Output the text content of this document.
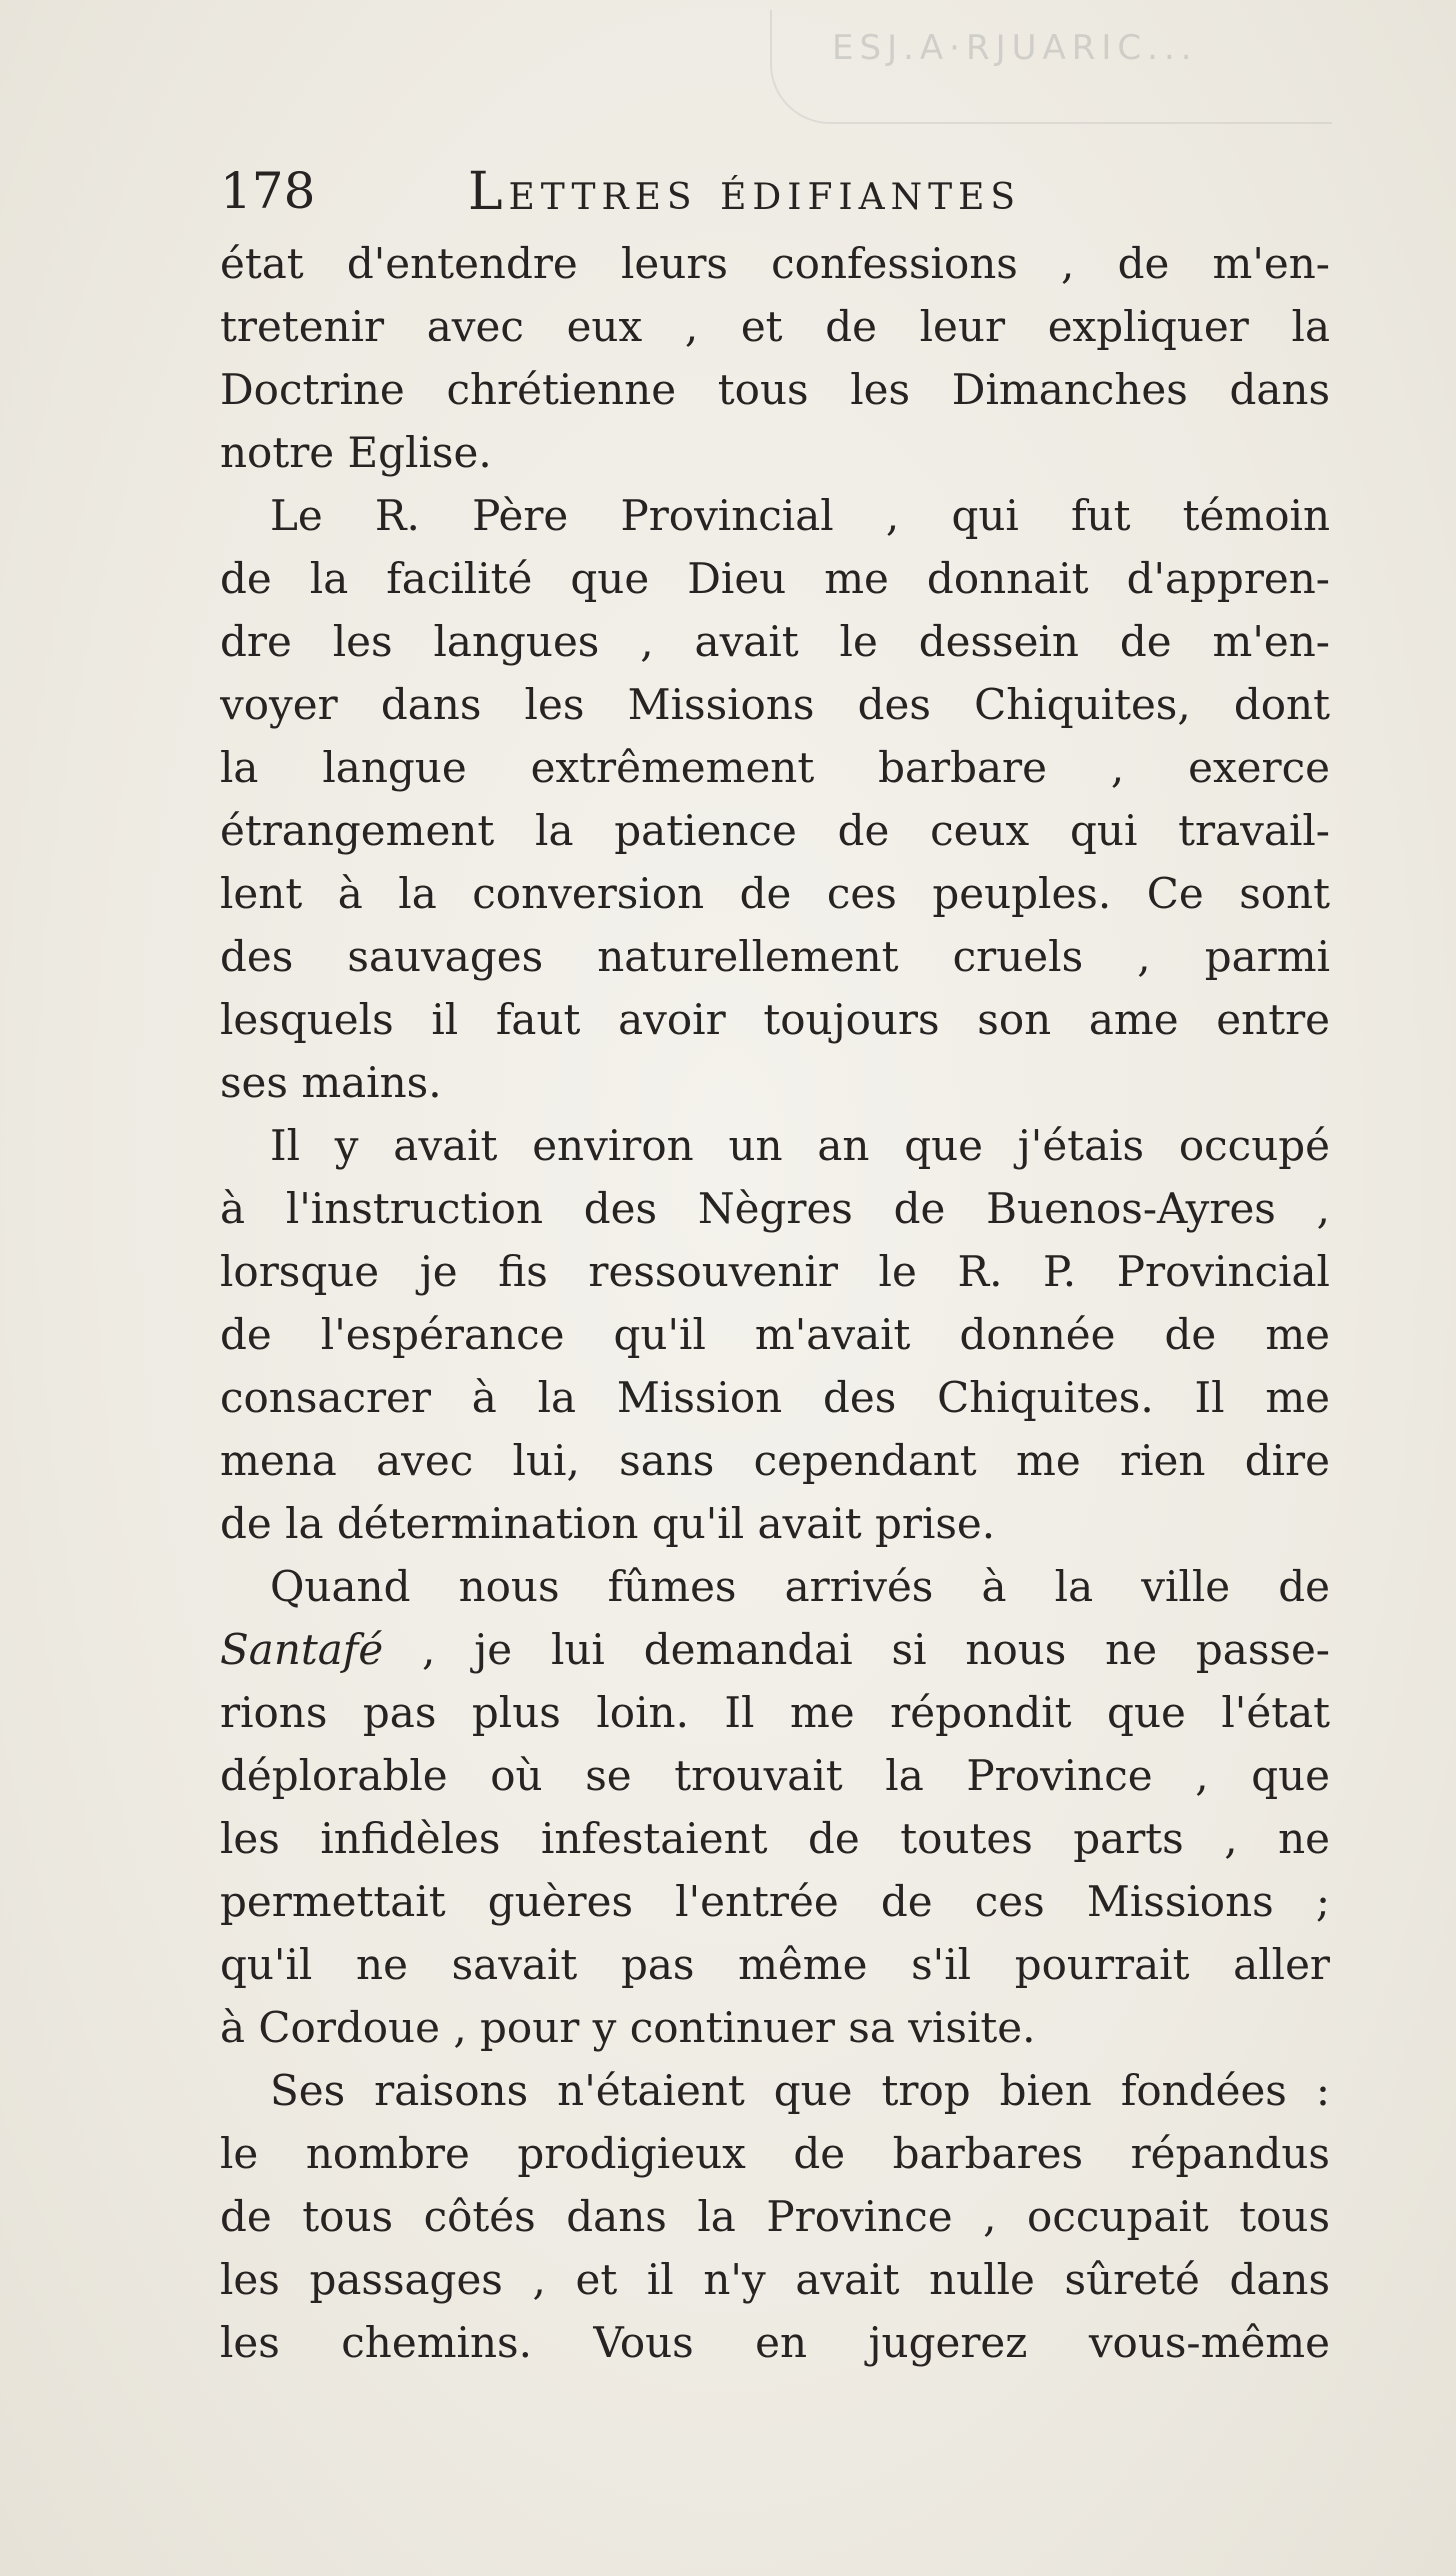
ESJ.A·RJUARIC...
178	Lettres édifiantes
état d'entendre leurs confessions , de m'en-
tretenir avec eux , et de leur expliquer la
Doctrine chrétienne tous les Dimanches dans
notre Eglise.
Le R. Père Provincial , qui fut témoin
de la facilité que Dieu me donnait d'appren-
dre les langues , avait le dessein de m'en-
voyer dans les Missions des Chiquites, dont
la langue extrêmement barbare , exerce
étrangement la patience de ceux qui travail-
lent à la conversion de ces peuples. Ce sont
des sauvages naturellement cruels , parmi
lesquels il faut avoir toujours son ame entre
ses mains.
Il y avait environ un an que j'étais occupé
à l'instruction des Nègres de Buenos-Ayres ,
lorsque je fis ressouvenir le R. P. Provincial
de l'espérance qu'il m'avait donnée de me
consacrer à la Mission des Chiquites. Il me
mena avec lui, sans cependant me rien dire
de la détermination qu'il avait prise.
Quand nous fûmes arrivés à la ville de
Santafé , je lui demandai si nous ne passe-
rions pas plus loin. Il me répondit que l'état
déplorable où se trouvait la Province , que
les infidèles infestaient de toutes parts , ne
permettait guères l'entrée de ces Missions ;
qu'il ne savait pas même s'il pourrait aller
à Cordoue , pour y continuer sa visite.
Ses raisons n'étaient que trop bien fondées :
le nombre prodigieux de barbares répandus
de tous côtés dans la Province , occupait tous
les passages , et il n'y avait nulle sûreté dans
les chemins. Vous en jugerez vous-même
